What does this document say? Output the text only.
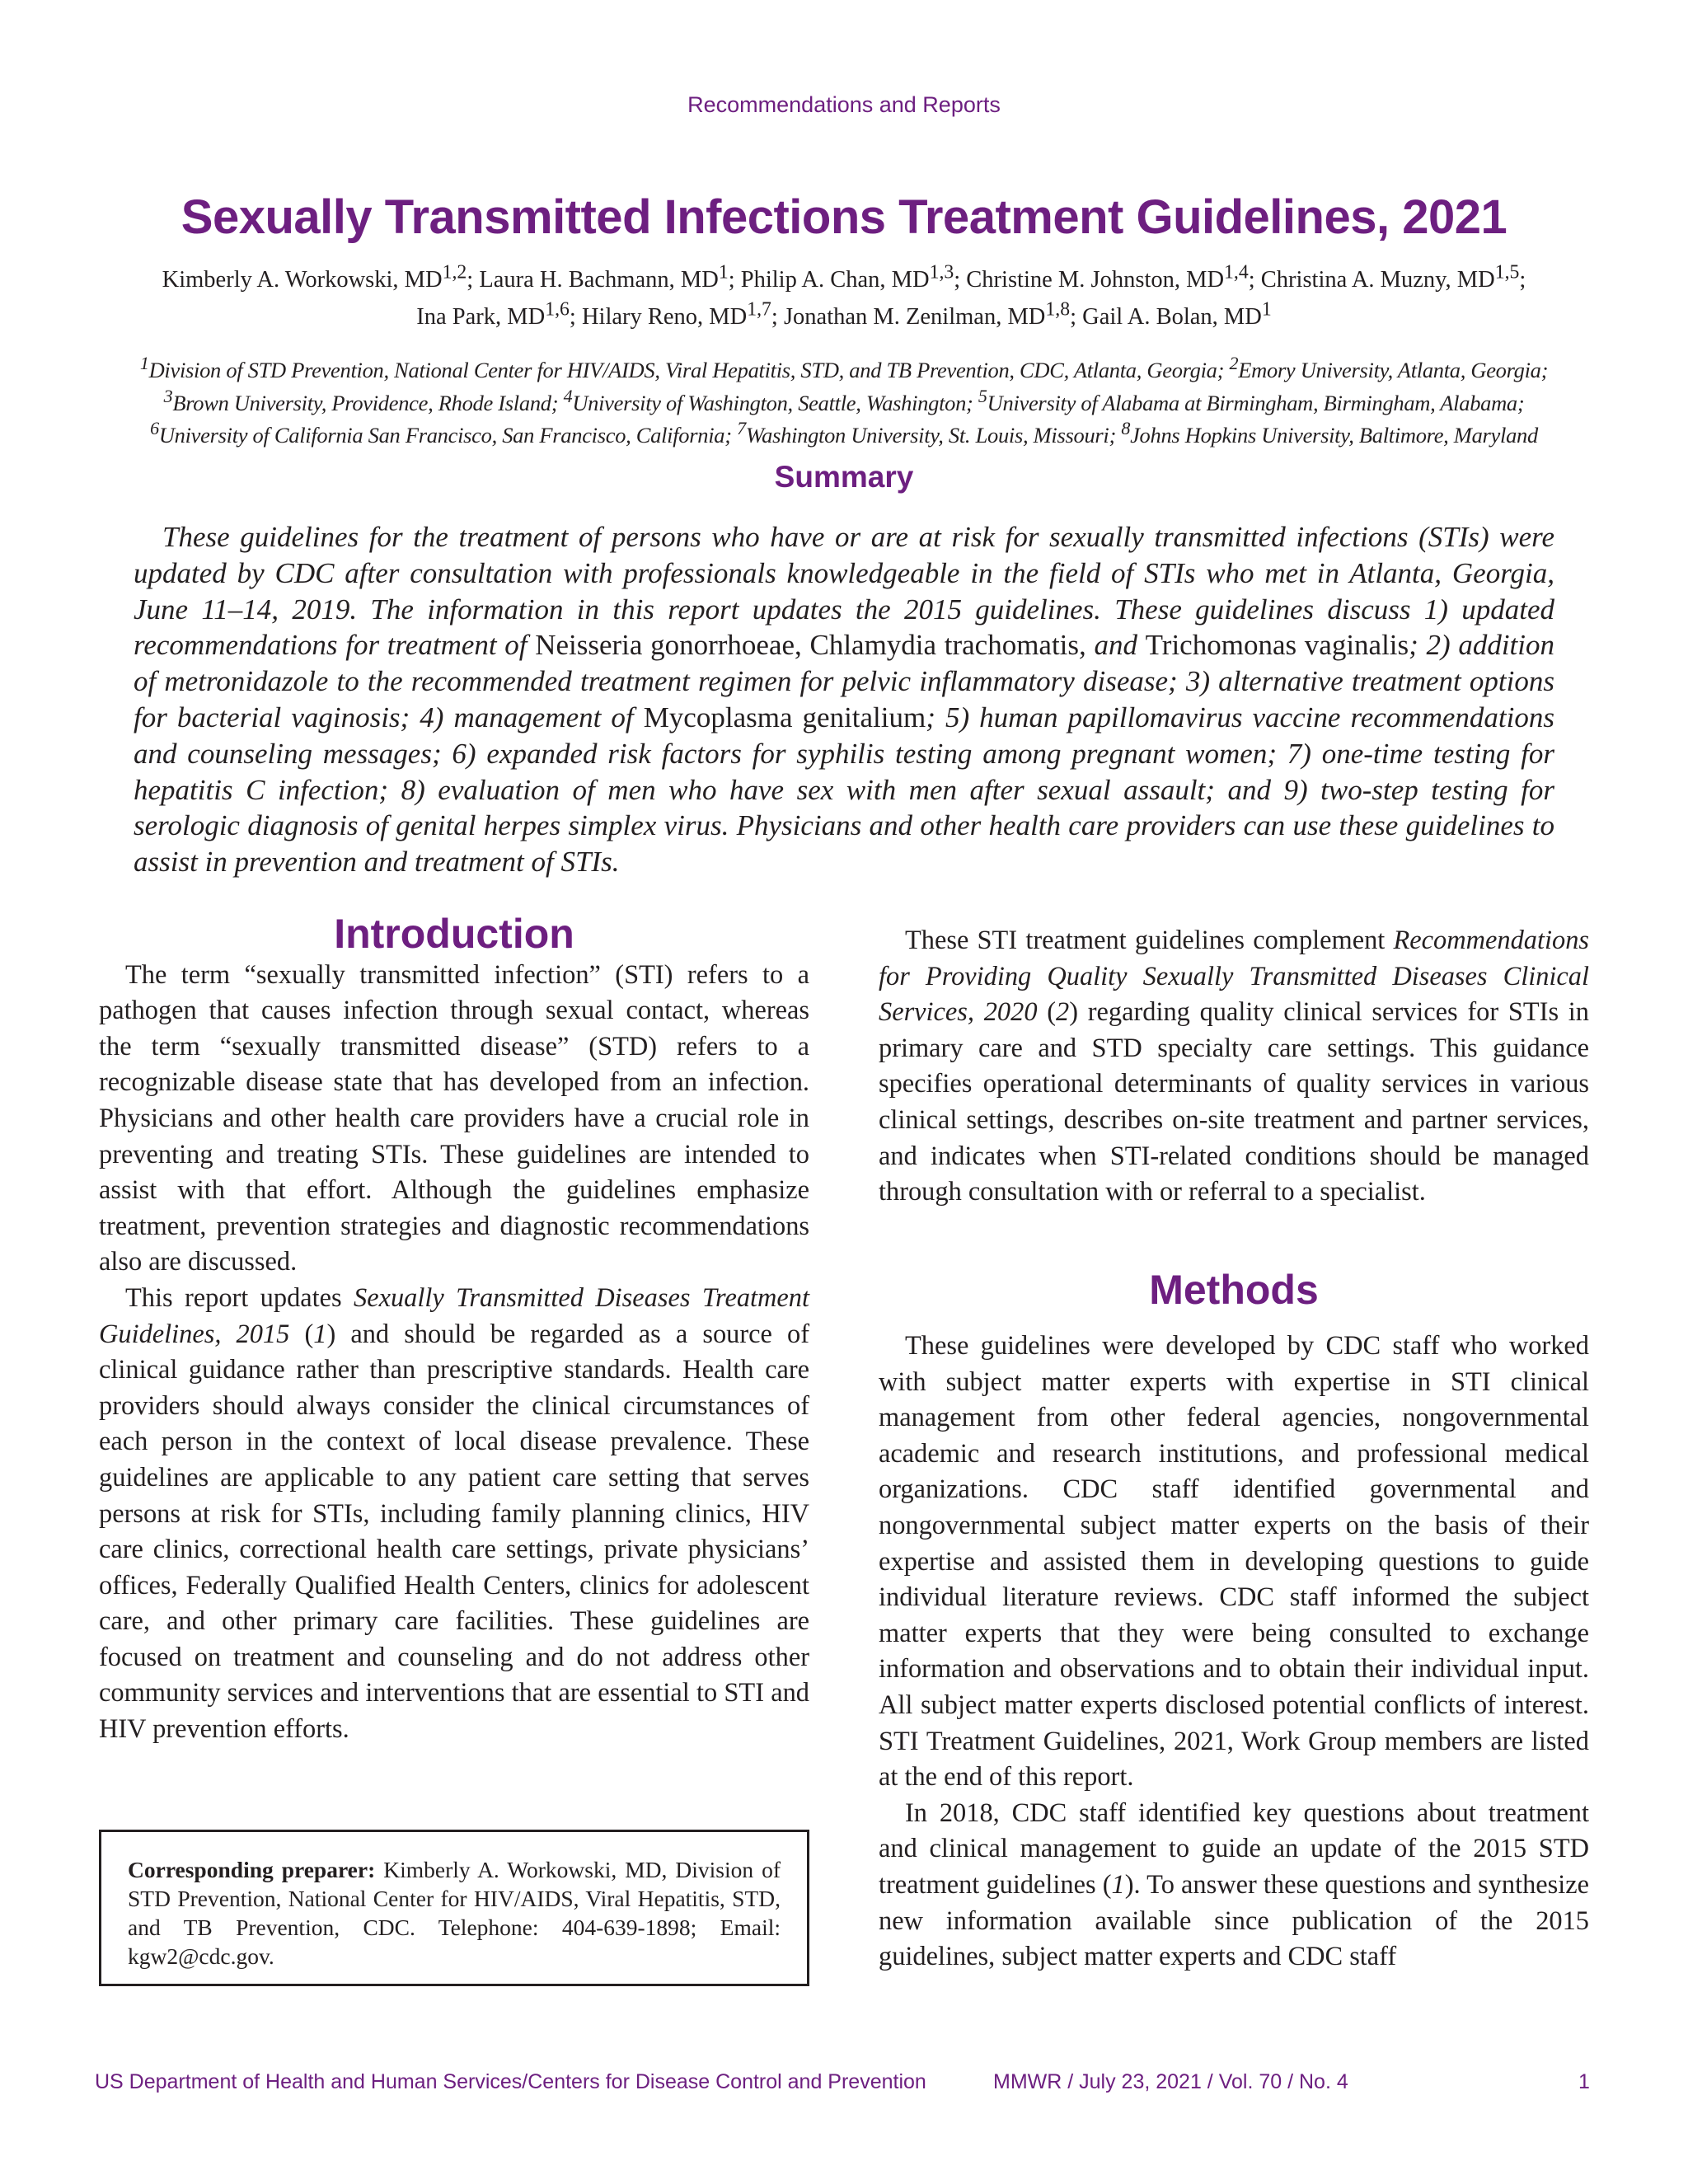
Recommendations and Reports
Sexually Transmitted Infections Treatment Guidelines, 2021
Kimberly A. Workowski, MD$^{1,2}$; Laura H. Bachmann, $MD^1$; Philip A. Chan, MD$^{1,3}$; Christine M. Johnston, MD$^{1,4}$; Christina A. Muzny, MD$^{1,5}$;
Ina Park, MD$^{1,6}$; Hilary Reno, MD$^{1,7}$; Jonathan M. Zenilman, MD$^{1,8}$; Gail A. Bolan, $MD^1$
$^1$Division of STD Prevention, National Center for HIV/AIDS, Viral Hepatitis, STD, and TB Prevention, CDC, Atlanta, Georgia; $^2$Emory University, Atlanta, Georgia;
$^3$Brown University, Providence, Rhode Island; $^4$University of Washington, Seattle, Washington; $^5$University of Alabama at Birmingham, Birmingham, Alabama;
$^6$University of California San Francisco, San Francisco, California; $^7$Washington University, St. Louis, Missouri; $^8$Johns Hopkins University, Baltimore, Maryland
Summary

These guidelines for the treatment of persons who have or are at risk for sexually transmitted infections (STIs) were updated by CDC after consultation with professionals knowledgeable in the field of STIs who met in Atlanta, Georgia, June 11–14, 2019. The information in this report updates the 2015 guidelines. These guidelines discuss 1) updated recommendations for treatment of Neisseria gonorrhoeae, Chlamydia trachomatis, and Trichomonas vaginalis; 2) addition of metronidazole to the recommended treatment regimen for pelvic inflammatory disease; 3) alternative treatment options for bacterial vaginosis; 4) management of Mycoplasma genitalium; 5) human papillomavirus vaccine recommendations and counseling messages; 6) expanded risk factors for syphilis testing among pregnant women; 7) one-time testing for hepatitis C infection; 8) evaluation of men who have sex with men after sexual assault; and 9) two-step testing for serologic diagnosis of genital herpes simplex virus. Physicians and other health care providers can use these guidelines to assist in prevention and treatment of STIs.

Introduction

The term “sexually transmitted infection” (STI) refers to a pathogen that causes infection through sexual contact, whereas the term “sexually transmitted disease” (STD) refers to a recognizable disease state that has developed from an infection. Physicians and other health care providers have a crucial role in preventing and treating STIs. These guidelines are intended to assist with that effort. Although the guidelines emphasize treatment, prevention strategies and diagnostic recommendations also are discussed.

This report updates Sexually Transmitted Diseases Treatment Guidelines, 2015 (1) and should be regarded as a source of clinical guidance rather than prescriptive standards. Health care providers should always consider the clinical circumstances of each person in the context of local disease prevalence. These guidelines are applicable to any patient care setting that serves persons at risk for STIs, including family planning clinics, HIV care clinics, correctional health care settings, private physicians’ offices, Federally Qualified Health Centers, clinics for adolescent care, and other primary care facilities. These guidelines are focused on treatment and counseling and do not address other community services and interventions that are essential to STI and HIV prevention efforts.

Corresponding preparer: Kimberly A. Workowski, MD, Division of STD Prevention, National Center for HIV/AIDS, Viral Hepatitis, STD, and TB Prevention, CDC. Telephone: 404-639-1898; Email: kgw2@cdc.gov.

These STI treatment guidelines complement Recommendations for Providing Quality Sexually Transmitted Diseases Clinical Services, 2020 (2) regarding quality clinical services for STIs in primary care and STD specialty care settings. This guidance specifies operational determinants of quality services in various clinical settings, describes on-site treatment and partner services, and indicates when STI-related conditions should be managed through consultation with or referral to a specialist.

Methods

These guidelines were developed by CDC staff who worked with subject matter experts with expertise in STI clinical management from other federal agencies, nongovernmental academic and research institutions, and professional medical organizations. CDC staff identified governmental and nongovernmental subject matter experts on the basis of their expertise and assisted them in developing questions to guide individual literature reviews. CDC staff informed the subject matter experts that they were being consulted to exchange information and observations and to obtain their individual input. All subject matter experts disclosed potential conflicts of interest. STI Treatment Guidelines, 2021, Work Group members are listed at the end of this report.

In 2018, CDC staff identified key questions about treatment and clinical management to guide an update of the 2015 STD treatment guidelines (1). To answer these questions and synthesize new information available since publication of the 2015 guidelines, subject matter experts and CDC staff

US Department of Health and Human Services/Centers for Disease Control and Prevention	MMWR / July 23, 2021 / Vol. 70 / No. 4	1
